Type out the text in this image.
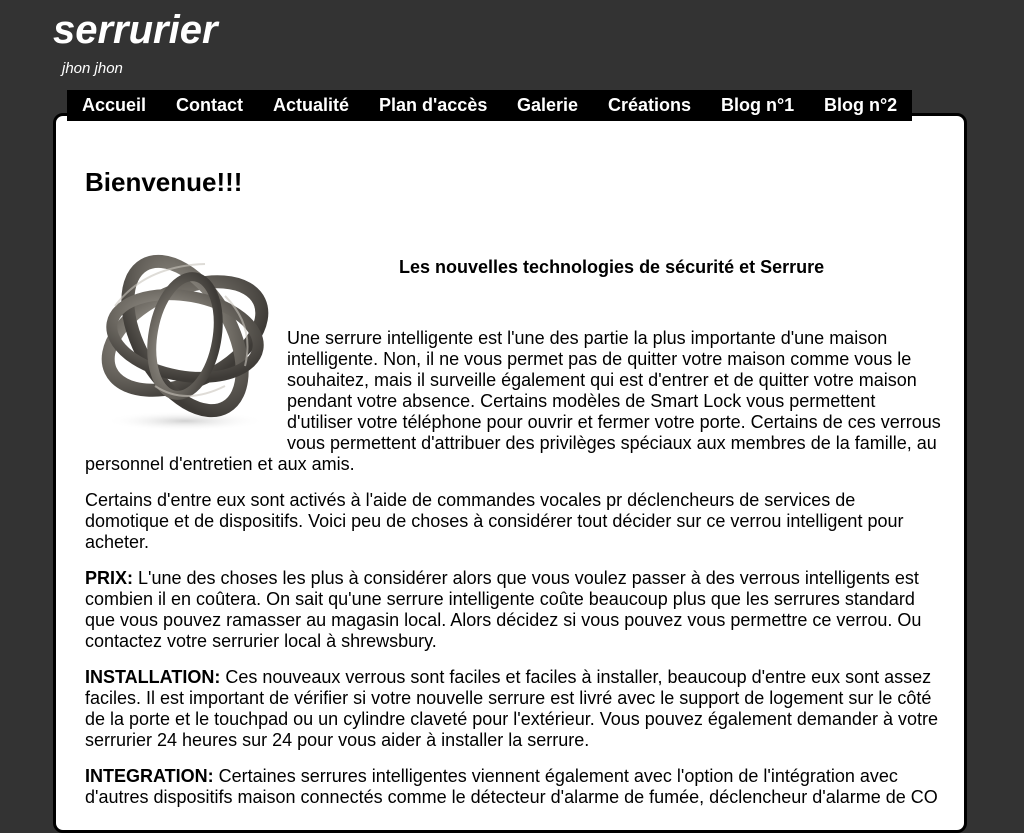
serrurier
jhon jhon
Bienvenue!!!
Les nouvelles technologies de sécurité et Serrure

Une serrure intelligente est l'une des partie la plus importante d'une maison intelligente. Non, il ne vous permet pas de quitter votre maison comme vous le souhaitez, mais il surveille également qui est d'entrer et de quitter votre maison pendant votre absence. Certains modèles de Smart Lock vous permettent d'utiliser votre téléphone pour ouvrir et fermer votre porte. Certains de ces verrous vous permettent d'attribuer des privilèges spéciaux aux membres de la famille, au personnel d'entretien et aux amis.

Certains d'entre eux sont activés à l'aide de commandes vocales pr déclencheurs de services de domotique et de dispositifs. Voici peu de choses à considérer tout décider sur ce verrou intelligent pour acheter.

PRIX: L'une des choses les plus à considérer alors que vous voulez passer à des verrous intelligents est combien il en coûtera. On sait qu'une serrure intelligente coûte beaucoup plus que les serrures standard que vous pouvez ramasser au magasin local. Alors décidez si vous pouvez vous permettre ce verrou. Ou contactez votre serrurier local à shrewsbury.

INSTALLATION: Ces nouveaux verrous sont faciles et faciles à installer, beaucoup d'entre eux sont assez faciles. Il est important de vérifier si votre nouvelle serrure est livré avec le support de logement sur le côté de la porte et le touchpad ou un cylindre claveté pour l'extérieur. Vous pouvez également demander à votre serrurier 24 heures sur 24 pour vous aider à installer la serrure.

INTEGRATION: Certaines serrures intelligentes viennent également avec l'option de l'intégration avec d'autres dispositifs maison connectés comme le détecteur d'alarme de fumée, déclencheur d'alarme de CO

Accueil Contact Actualité Plan d'accès Galerie Créations Blog n°1 Blog n°2
